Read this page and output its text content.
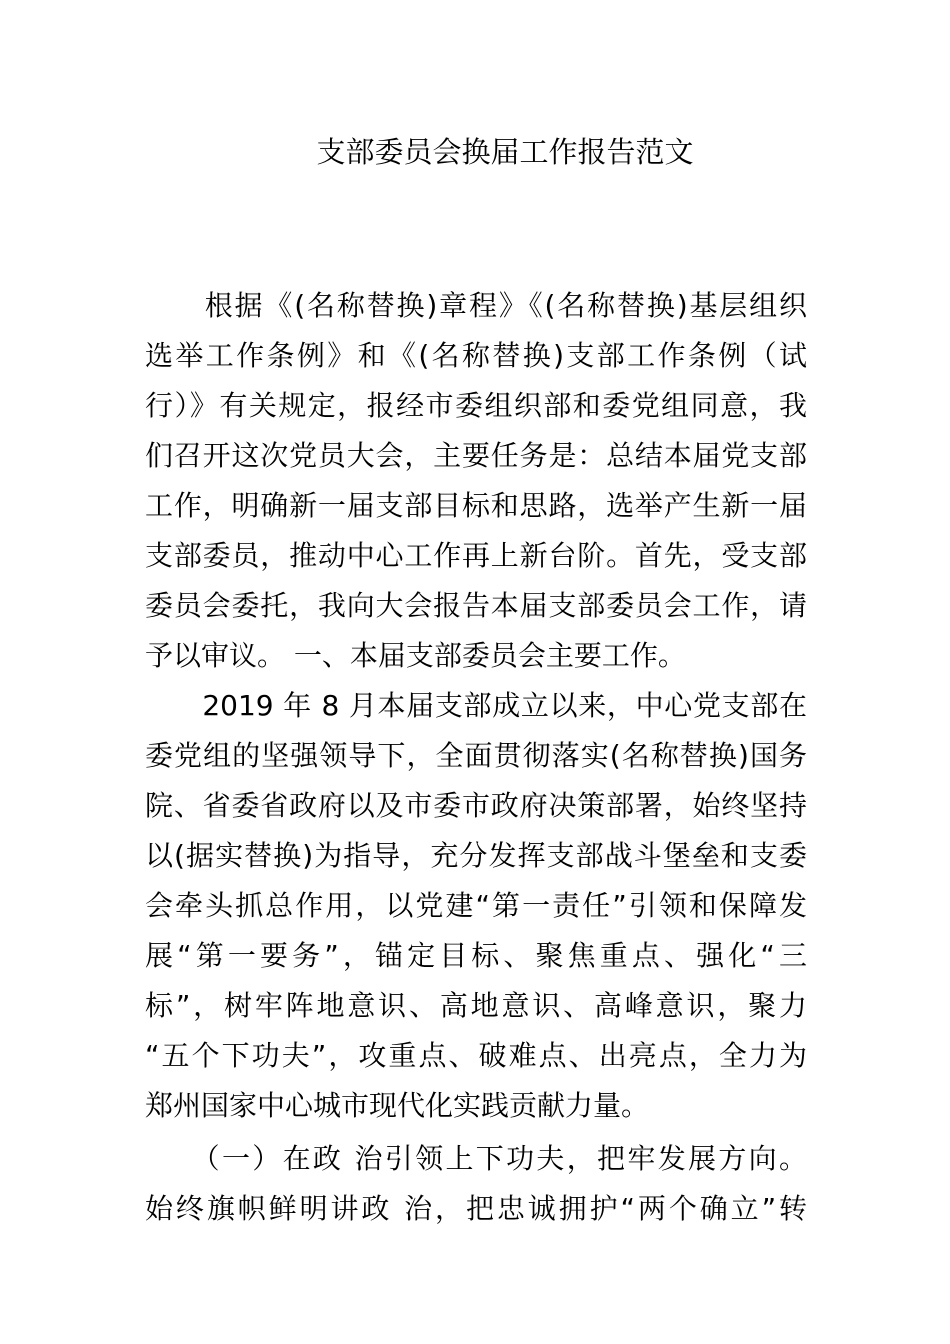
支部委员会换届工作报告范文
　　根据《(名称替换)章程》《(名称替换)基层组织
选举工作条例》和《(名称替换)支部工作条例（试
行）》有关规定，报经市委组织部和委党组同意，我
们召开这次党员大会，主要任务是：总结本届党支部
工作，明确新一届支部目标和思路，选举产生新一届
支部委员，推动中心工作再上新台阶。首先，受支部
委员会委托，我向大会报告本届支部委员会工作，请
予以审议。 一、本届支部委员会主要工作。
　　2019 年 8 月本届支部成立以来，中心党支部在
委党组的坚强领导下，全面贯彻落实(名称替换)国务
院、省委省政府以及市委市政府决策部署，始终坚持
以(据实替换)为指导，充分发挥支部战斗堡垒和支委
会牵头抓总作用，以党建“第一责任”引领和保障发
展“第一要务”，锚定目标、聚焦重点、强化“三
标”，树牢阵地意识、高地意识、高峰意识，聚力
“五个下功夫”，攻重点、破难点、出亮点，全力为
郑州国家中心城市现代化实践贡献力量。
　　（一）在政 治引领上下功夫，把牢发展方向。
始终旗帜鲜明讲政 治，把忠诚拥护“两个确立”转
